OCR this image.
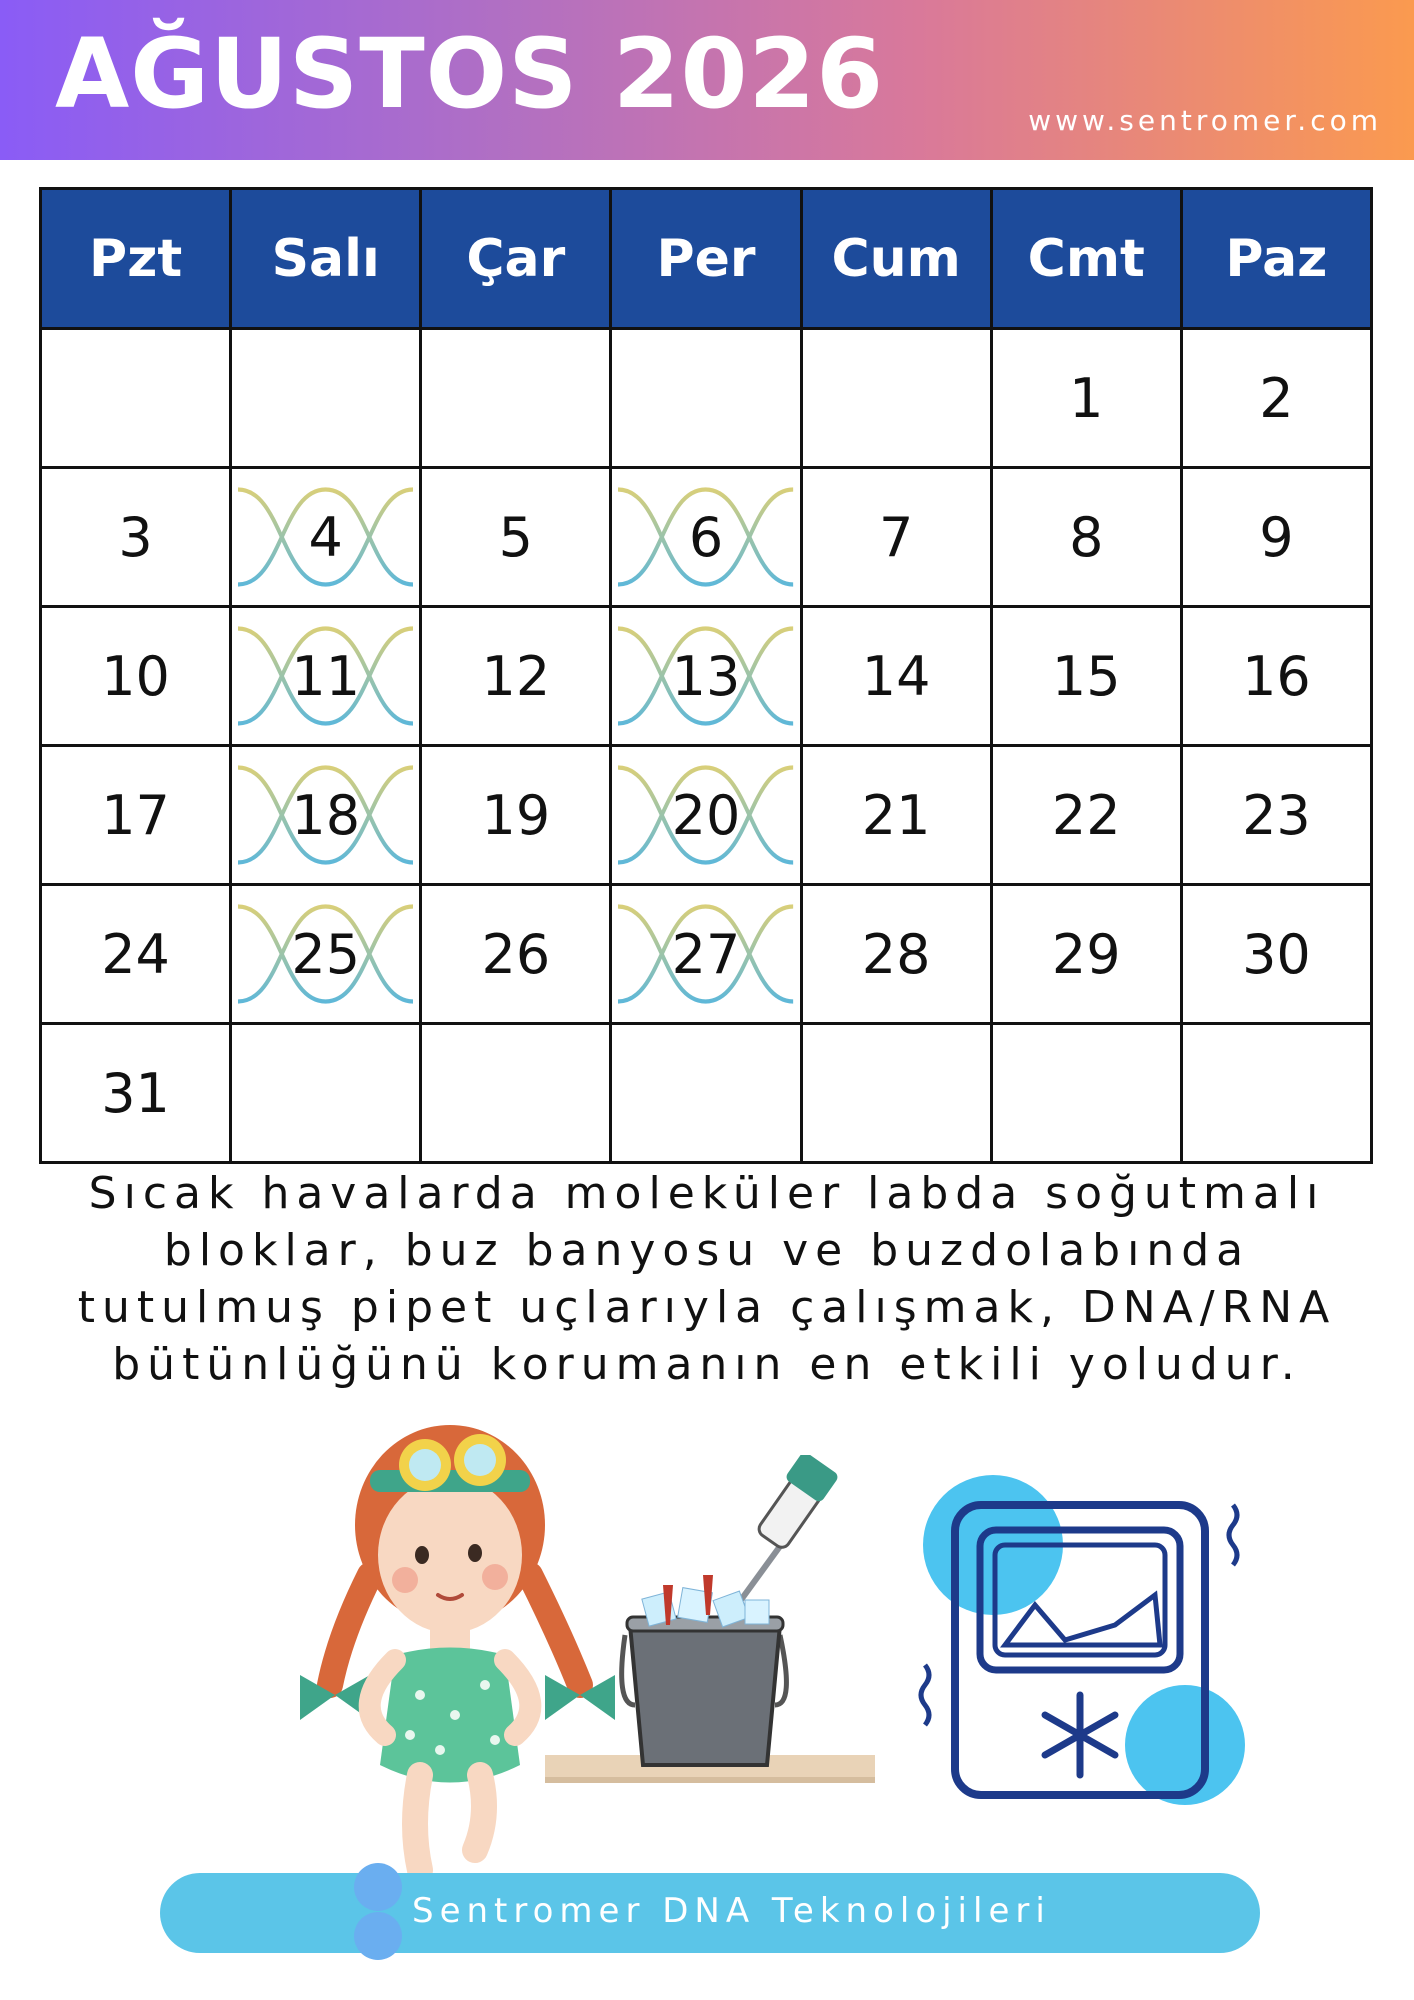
AĞUSTOS 2026	www.sentromer.com
Pzt	Salı	Çar	Per	Cum	Cmt	Paz

					1	2

3	4	5	6	7	8	9

10	11	12	13	14	15	16

17	18	19	20	21	22	23

24	25	26	27	28	29	30

31						

Sıcak havalarda moleküler labda soğutmalı
bloklar, buz banyosu ve buzdolabında
tutulmuş pipet uçlarıyla çalışmak, DNA/RNA
bütünlüğünü korumanın en etkili yoludur.
Sentromer DNA Teknolojileri
